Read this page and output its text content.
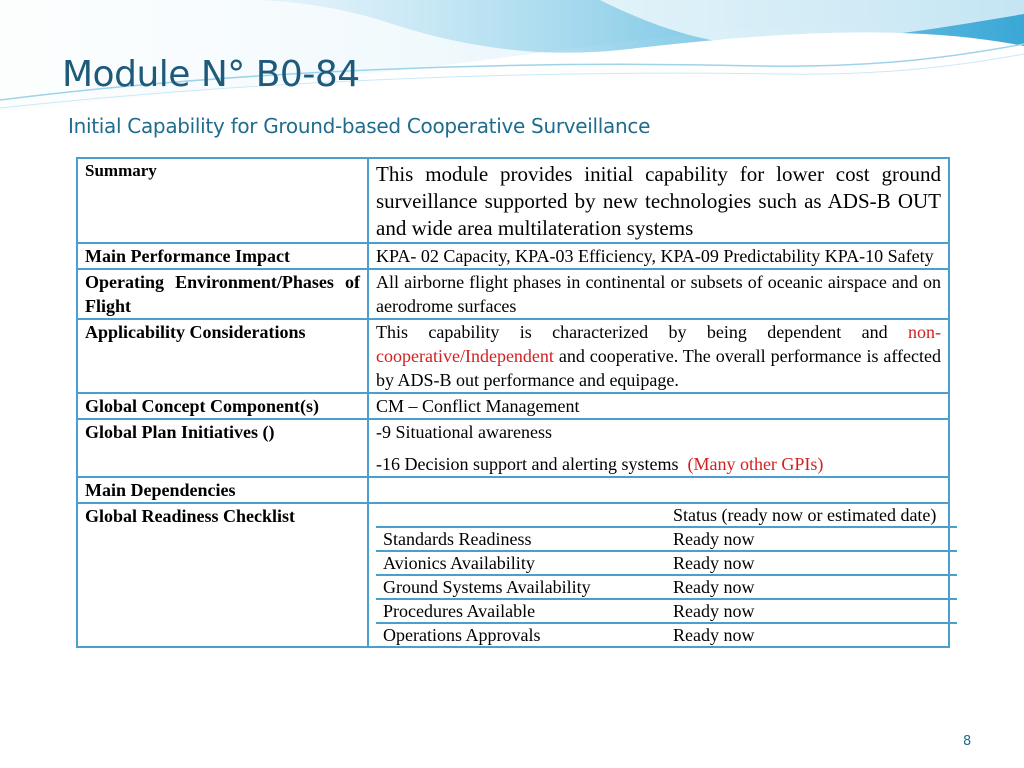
Module N° B0-84
Initial Capability for Ground-based Cooperative Surveillance
Summary	This module provides initial capability for lower cost ground surveillance supported by new technologies such as ADS-B OUT and wide area multilateration systems
Main Performance Impact	KPA- 02 Capacity, KPA-03 Efficiency, KPA-09 Predictability KPA-10 Safety
Operating Environment/Phases of Flight	All airborne flight phases in continental or subsets of oceanic airspace and on aerodrome surfaces
Applicability Considerations	This capability is characterized by being dependent and non-cooperative/Independent and cooperative. The overall performance is affected by ADS-B out performance and equipage.
Global Concept Component(s)	CM – Conflict Management
Global Plan Initiatives ()	-9 Situational awareness
-16 Decision support and alerting systems (Many other GPIs)

Main Dependencies	
Global Readiness Checklist	
		Status (ready now or estimated date)
Standards Readiness	Ready now
Avionics Availability	Ready now
Ground Systems Availability	Ready now
Procedures Available	Ready now
Operations Approvals	Ready now
8
